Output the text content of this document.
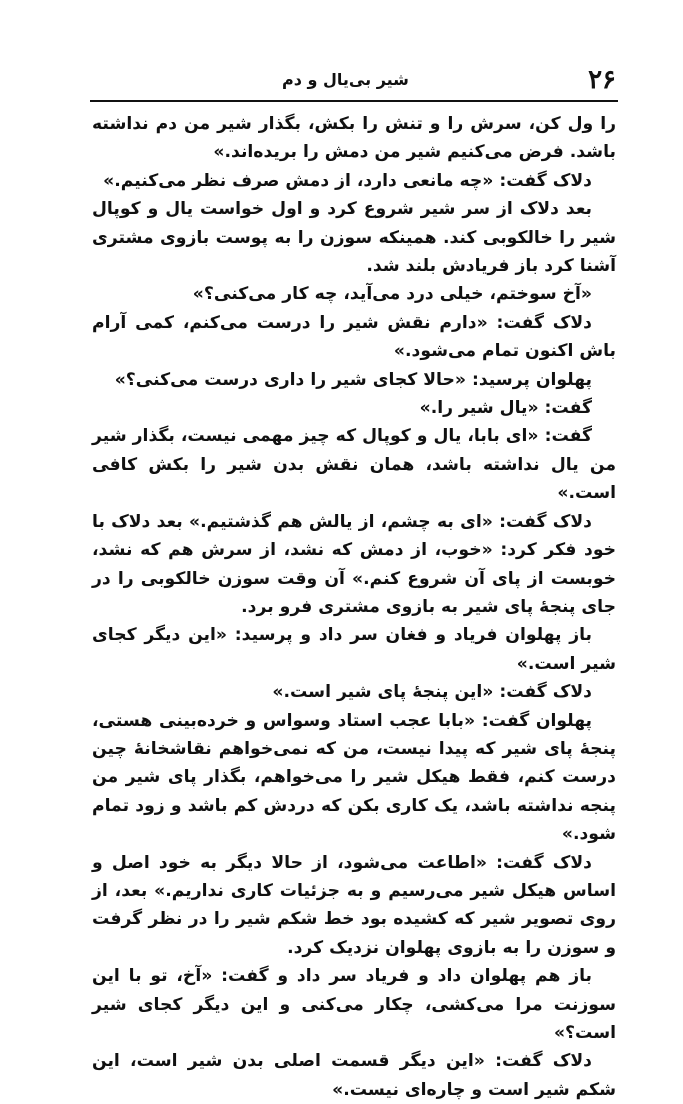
۲۶
شیر بی‌یال و دم

را ول کن، سرش را و تنش را بکش، بگذار شیر من دم نداشته باشد. فرض می‌کنیم شیر من دمش را بریده‌اند.»

دلاک گفت: «چه مانعی دارد، از دمش صرف نظر می‌کنیم.»

بعد دلاک از سر شیر شروع کرد و اول خواست یال و کوپال شیر را خالکوبی کند. همینکه سوزن را به پوست بازوی مشتری آشنا کرد باز فریادش بلند شد.

«آخ سوختم، خیلی درد می‌آید، چه کار می‌کنی؟»

دلاک گفت: «دارم نقش شیر را درست می‌کنم، کمی آرام باش اکنون تمام می‌شود.»

پهلوان پرسید: «حالا کجای شیر را داری درست می‌کنی؟»

گفت: «یال شیر را.»

گفت: «ای بابا، یال و کوپال که چیز مهمی نیست، بگذار شیر من یال نداشته باشد، همان نقش بدن شیر را بکش کافی است.»

دلاک گفت: «ای به چشم، از یالش هم گذشتیم.» بعد دلاک با خود فکر کرد: «خوب، از دمش که نشد، از سرش هم که نشد، خوبست از پای آن شروع کنم.» آن وقت سوزن خالکوبی را در جای پنجهٔ پای شیر به بازوی مشتری فرو برد.

باز پهلوان فریاد و فغان سر داد و پرسید: «این دیگر کجای شیر است.»

دلاک گفت: «این پنجهٔ پای شیر است.»

پهلوان گفت: «بابا عجب استاد وسواس و خرده‌بینی هستی، پنجهٔ پای شیر که پیدا نیست، من که نمی‌خواهم نقاشخانهٔ چین درست کنم، فقط هیکل شیر را می‌خواهم، بگذار پای شیر من پنجه نداشته باشد، یک کاری بکن که دردش کم باشد و زود تمام شود.»

دلاک گفت: «اطاعت می‌شود، از حالا دیگر به خود اصل و اساس هیکل شیر می‌رسیم و به جزئیات کاری نداریم.» بعد، از روی تصویر شیر که کشیده بود خط شکم شیر را در نظر گرفت و سوزن را به بازوی پهلوان نزدیک کرد.

باز هم پهلوان داد و فریاد سر داد و گفت: «آخ، تو با این سوزنت مرا می‌کشی، چکار می‌کنی و این دیگر کجای شیر است؟»

دلاک گفت: «این دیگر قسمت اصلی بدن شیر است، این شکم شیر است و چاره‌ای نیست.»
